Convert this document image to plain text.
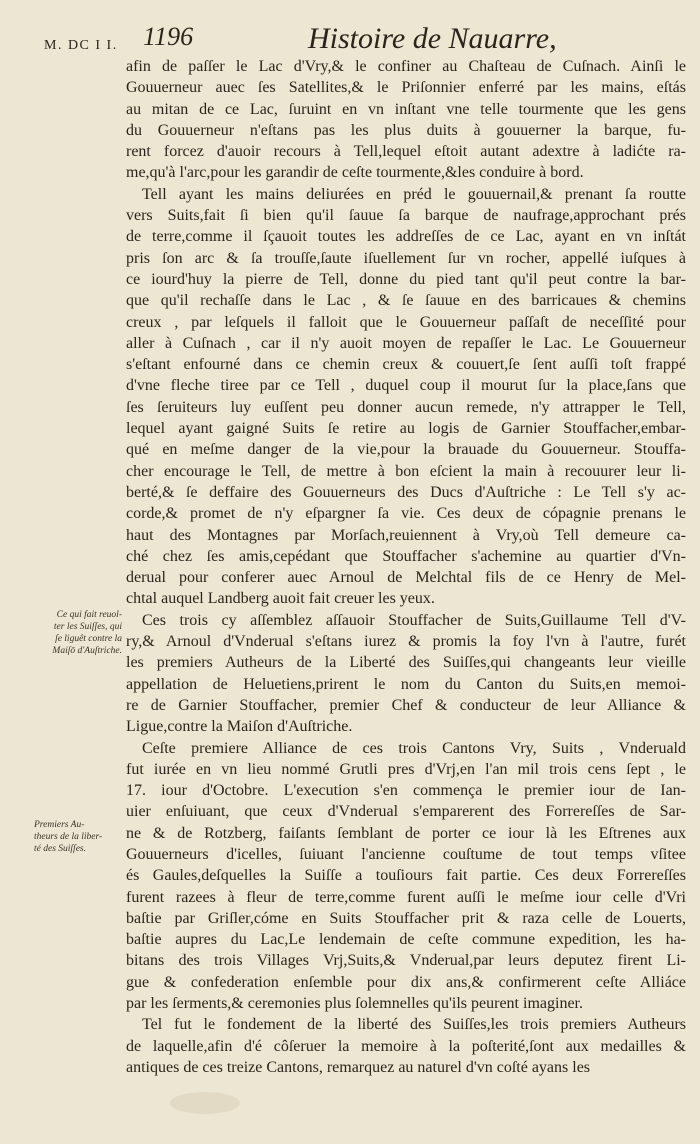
M. DC I I. 1196	Histoire de Nauarre,
afin de paſſer le Lac d'Vry,& le confiner au Chaſteau de Cuſnach. Ainſi le
Gouuerneur auec ſes Satellites,& le Priſonnier enferré par les mains, eſtás
au mitan de ce Lac, ſuruint en vn inſtant vne telle tourmente que les gens
du Gouuerneur n'eſtans pas les plus duits à gouuerner la barque, fu-
rent forcez d'auoir recours à Tell,lequel eſtoit autant adextre à ladićte ra-
me,qu'à l'arc,pour les garandir de ceſte tourmente,&les conduire à bord.
Tell ayant les mains deliurées en préd le gouuernail,& prenant ſa routte
vers Suits,fait ſi bien qu'il ſauue ſa barque de naufrage,approchant prés
de terre,comme il ſçauoit toutes les addreſſes de ce Lac, ayant en vn inſtát
pris ſon arc & ſa trouſſe,ſaute iſuellement ſur vn rocher, appellé iuſques à
ce iourd'huy la pierre de Tell, donne du pied tant qu'il peut contre la bar-
que qu'il rechaſſe dans le Lac , & ſe ſauue en des barricaues & chemins
creux , par leſquels il falloit que le Gouuerneur paſſaſt de neceſſité pour
aller à Cuſnach , car il n'y auoit moyen de repaſſer le Lac. Le Gouuerneur
s'eſtant enfourné dans ce chemin creux & couuert,ſe ſent auſſi toſt frappé
d'vne fleche tiree par ce Tell , duquel coup il mourut ſur la place,ſans que
ſes ſeruiteurs luy euſſent peu donner aucun remede, n'y attrapper le Tell,
lequel ayant gaigné Suits ſe retire au logis de Garnier Stouffacher,embar-
qué en meſme danger de la vie,pour la brauade du Gouuerneur. Stouffa-
cher encourage le Tell, de mettre à bon eſcient la main à recouurer leur li-
berté,& ſe deffaire des Gouuerneurs des Ducs d'Auſtriche : Le Tell s'y ac-
corde,& promet de n'y eſpargner ſa vie. Ces deux de cópagnie prenans le
haut des Montagnes par Morſach,reuiennent à Vry,où Tell demeure ca-
ché chez ſes amis,cepédant que Stouffacher s'achemine au quartier d'Vn-
derual pour conferer auec Arnoul de Melchtal fils de ce Henry de Mel-
chtal auquel Landberg auoit fait creuer les yeux.
Ces trois cy aſſemblez aſſauoir Stouffacher de Suits,Guillaume Tell d'V-
ry,& Arnoul d'Vnderual s'eſtans iurez & promis la foy l'vn à l'autre, furét
les premiers Autheurs de la Liberté des Suiſſes,qui changeants leur vieille
appellation de Heluetiens,prirent le nom du Canton du Suits,en memoi-
re de Garnier Stouffacher, premier Chef & conducteur de leur Alliance &
Ligue,contre la Maiſon d'Auſtriche.
Ceſte premiere Alliance de ces trois Cantons Vry, Suits , Vnderuald
fut iurée en vn lieu nommé Grutli pres d'Vrj,en l'an mil trois cens ſept , le
17. iour d'Octobre. L'execution s'en commença le premier iour de Ian-
uier enſuiuant, que ceux d'Vnderual s'emparerent des Forrereſſes de Sar-
ne & de Rotzberg, faiſants ſemblant de porter ce iour là les Eſtrenes aux
Gouuerneurs d'icelles, ſuiuant l'ancienne couſtume de tout temps vſitee
és Gaules,deſquelles la Suiſſe a touſiours fait partie. Ces deux Forrereſſes
furent razees à fleur de terre,comme furent auſſi le meſme iour celle d'Vri
baſtie par Griſler,cóme en Suits Stouffacher prit & raza celle de Louerts,
baſtie aupres du Lac,Le lendemain de ceſte commune expedition, les ha-
bitans des trois Villages Vrj,Suits,& Vnderual,par leurs deputez firent Li-
gue & confederation enſemble pour dix ans,& confirmerent ceſte Alliáce
par les ſerments,& ceremonies plus ſolemnelles qu'ils peurent imaginer.
Tel fut le fondement de la liberté des Suiſſes,les trois premiers Autheurs
de laquelle,afin d'é côſeruer la memoire à la poſterité,ſont aux medailles &
antiques de ces treize Cantons, remarquez au naturel d'vn coſté ayans les
Ce qui fait reuol-
ter les Suiſſes, qui
ſe liguêt contre la
Maiſō d'Auſtriche.
Premiers Au-
theurs de la liber-
té des Suiſſes.
